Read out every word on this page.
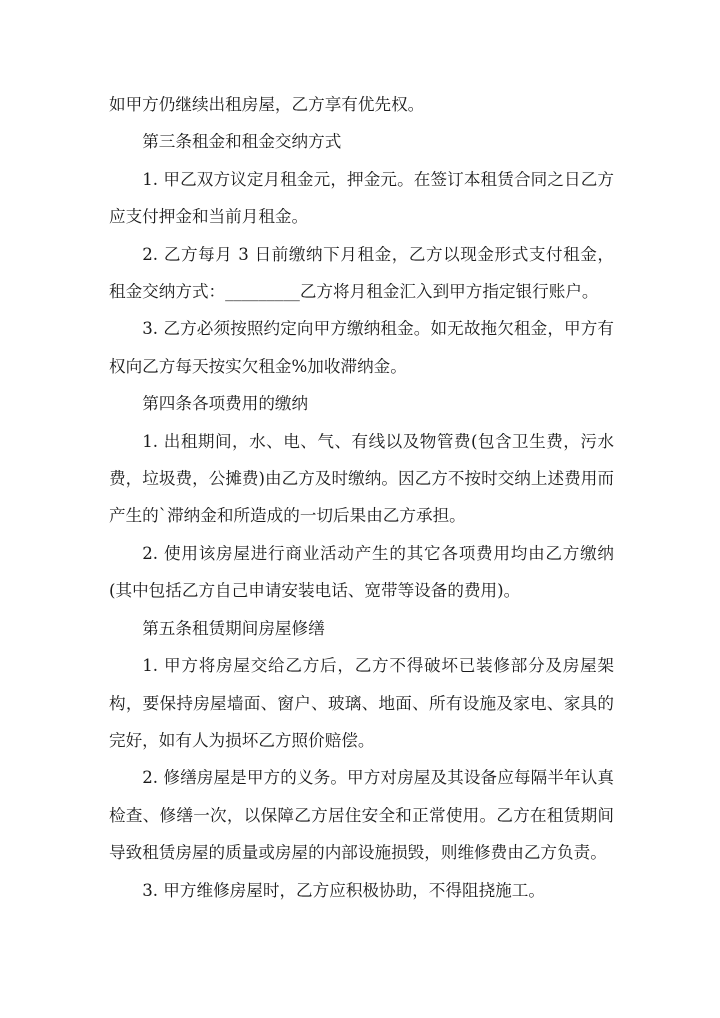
如甲方仍继续出租房屋，乙方享有优先权。

第三条租金和租金交纳方式

1. 甲乙双方议定月租金元，押金元。在签订本租赁合同之日乙方应支付押金和当前月租金。

2. 乙方每月 3 日前缴纳下月租金，乙方以现金形式支付租金，租金交纳方式：_________乙方将月租金汇入到甲方指定银行账户。

3. 乙方必须按照约定向甲方缴纳租金。如无故拖欠租金，甲方有权向乙方每天按实欠租金%加收滞纳金。

第四条各项费用的缴纳

1. 出租期间，水、电、气、有线以及物管费(包含卫生费，污水费，垃圾费，公摊费)由乙方及时缴纳。因乙方不按时交纳上述费用而产生的`滞纳金和所造成的一切后果由乙方承担。

2. 使用该房屋进行商业活动产生的其它各项费用均由乙方缴纳(其中包括乙方自己申请安装电话、宽带等设备的费用)。

第五条租赁期间房屋修缮

1. 甲方将房屋交给乙方后，乙方不得破坏已装修部分及房屋架构，要保持房屋墙面、窗户、玻璃、地面、所有设施及家电、家具的完好，如有人为损坏乙方照价赔偿。

2. 修缮房屋是甲方的义务。甲方对房屋及其设备应每隔半年认真检查、修缮一次，以保障乙方居住安全和正常使用。乙方在租赁期间导致租赁房屋的质量或房屋的内部设施损毁，则维修费由乙方负责。

3. 甲方维修房屋时，乙方应积极协助，不得阻挠施工。
